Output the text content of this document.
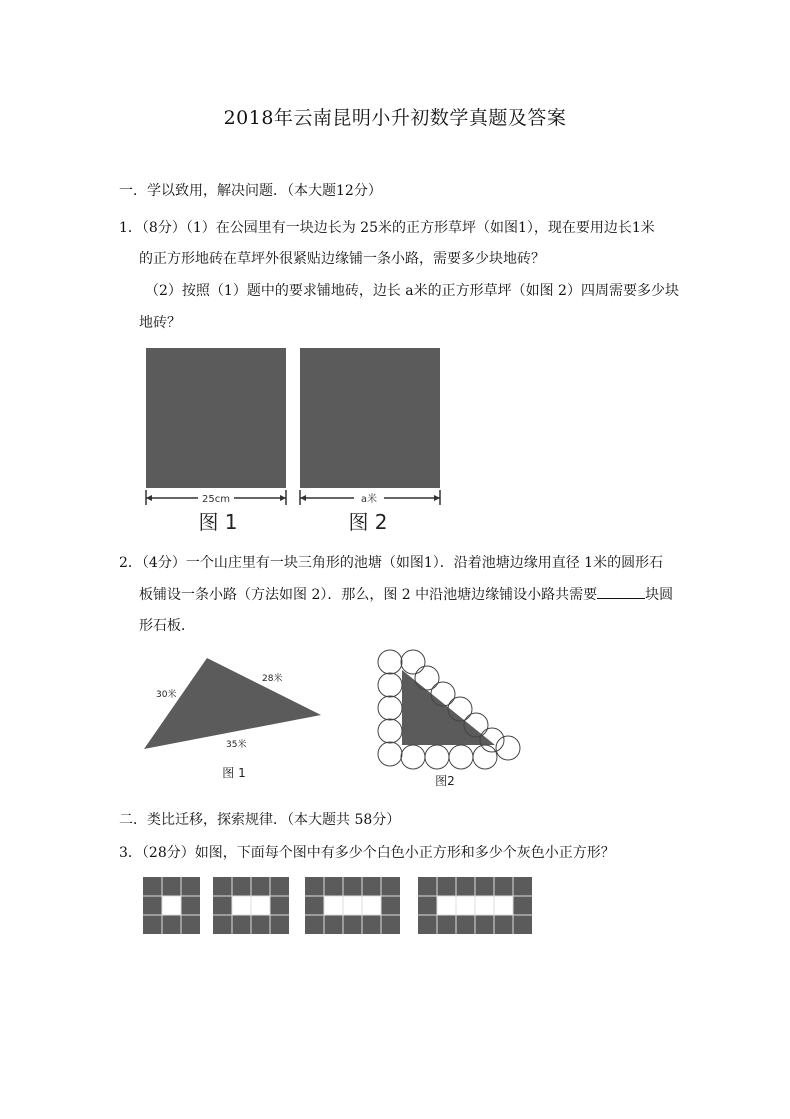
2018年云南昆明小升初数学真题及答案
一．学以致用，解决问题．（本大题12分）
1．（8分）（1）在公园里有一块边长为 25米的正方形草坪（如图1），现在要用边长1米
的正方形地砖在草坪外很紧贴边缘铺一条小路，需要多少块地砖？
（2）按照（1）题中的要求铺地砖，边长 a米的正方形草坪（如图 2）四周需要多少块
地砖？
25cm
图 1
a米
图 2
2．（4分）一个山庄里有一块三角形的池塘（如图1）．沿着池塘边缘用直径 1米的圆形石
板铺设一条小路（方法如图 2）．那么，图 2 中沿池塘边缘铺设小路共需要	块圆
形石板．
30米
28米
35米
图 1
图2
二．类比迁移，探索规律．（本大题共 58分）
3．（28分）如图，下面每个图中有多少个白色小正方形和多少个灰色小正方形？
